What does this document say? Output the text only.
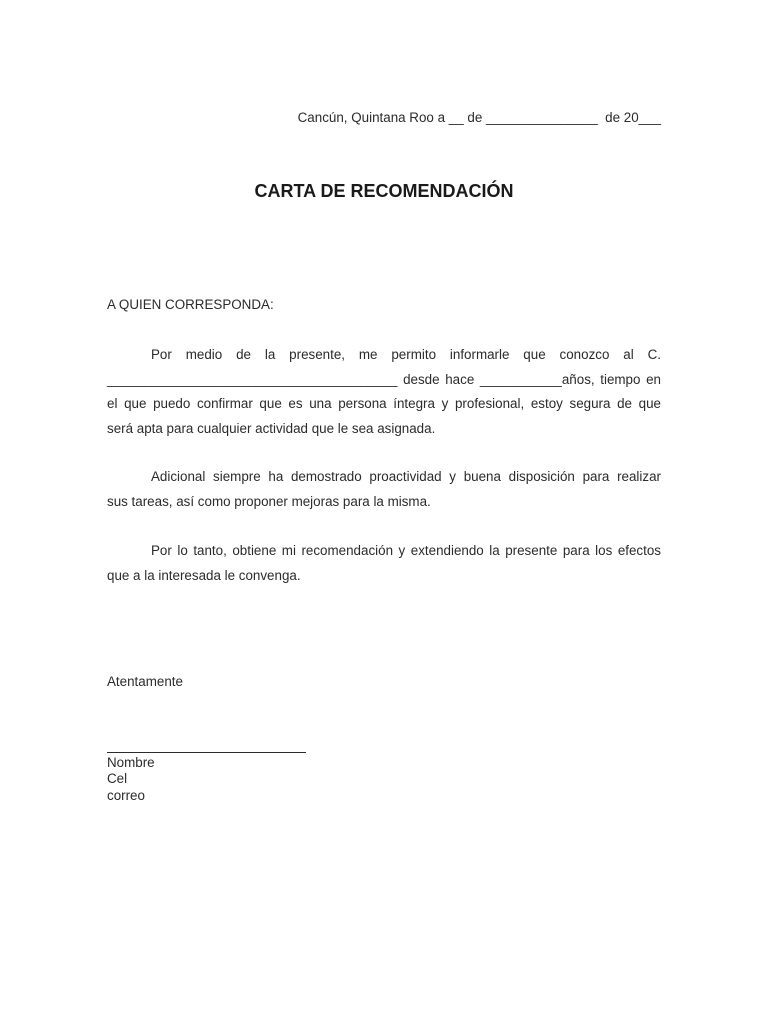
Cancún, Quintana Roo a __ de _______________  de 20___
CARTA DE RECOMENDACIÓN
A QUIEN CORRESPONDA:
Por medio de la presente, me permito informarle que conozco al C.
_______________________________________ desde hace ___________años, tiempo en
el que puedo confirmar que es una persona íntegra y profesional, estoy segura de que
será apta para cualquier actividad que le sea asignada.
Adicional siempre ha demostrado proactividad y buena disposición para realizar
sus tareas, así como proponer mejoras para la misma.
Por lo tanto, obtiene mi recomendación y extendiendo la presente para los efectos
que a la interesada le convenga.
Atentamente
Nombre
Cel
correo
